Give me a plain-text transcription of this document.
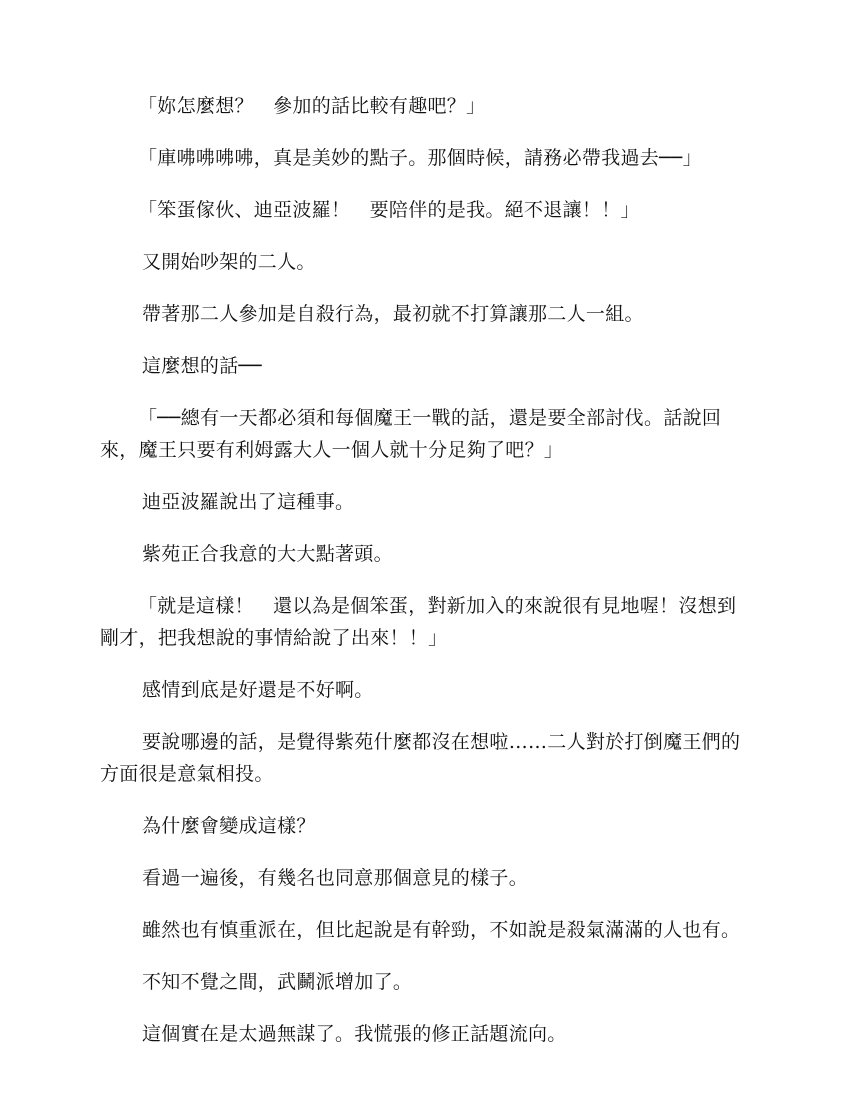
「妳怎麼想？　參加的話比較有趣吧？」

「庫咈咈咈咈，真是美妙的點子。那個時候，請務必帶我過去──」

「笨蛋傢伙、迪亞波羅！　要陪伴的是我。絕不退讓！！」

又開始吵架的二人。

帶著那二人參加是自殺行為，最初就不打算讓那二人一組。

這麼想的話──

「──總有一天都必須和每個魔王一戰的話，還是要全部討伐。話說回來，魔王只要有利姆露大人一個人就十分足夠了吧？」

迪亞波羅說出了這種事。

紫苑正合我意的大大點著頭。

「就是這樣！　還以為是個笨蛋，對新加入的來說很有見地喔！沒想到剛才，把我想說的事情給說了出來！！」

感情到底是好還是不好啊。

要說哪邊的話，是覺得紫苑什麼都沒在想啦……二人對於打倒魔王們的方面很是意氣相投。

為什麼會變成這樣？

看過一遍後，有幾名也同意那個意見的樣子。

雖然也有慎重派在，但比起說是有幹勁，不如說是殺氣滿滿的人也有。

不知不覺之間，武鬭派增加了。

這個實在是太過無謀了。我慌張的修正話題流向。
